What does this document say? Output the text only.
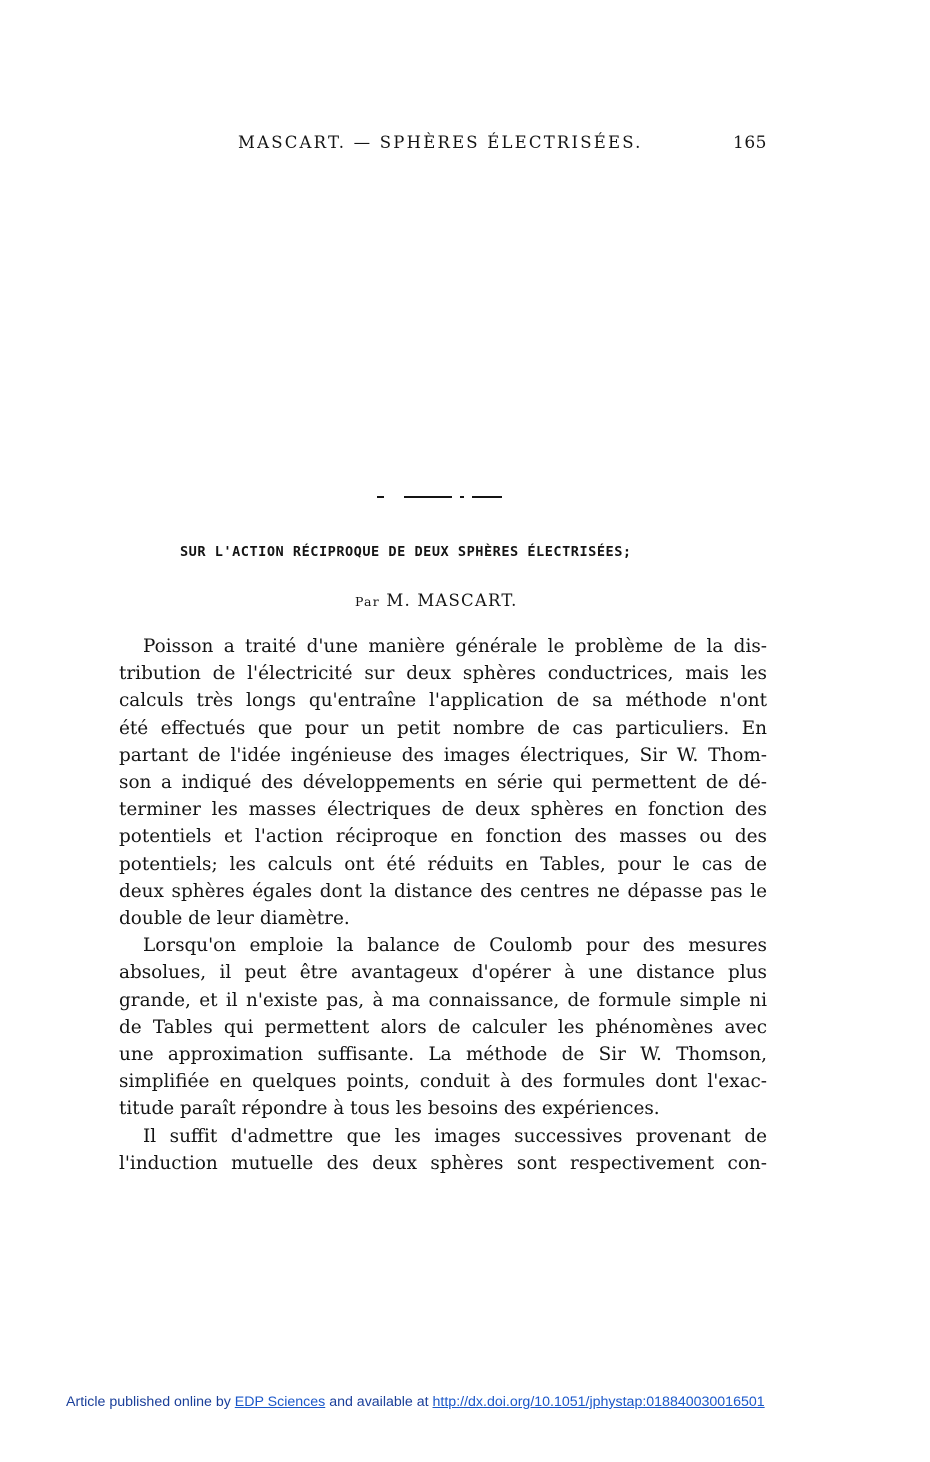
MASCART. — SPHÈRES ÉLECTRISÉES.	165
SUR L'ACTION RÉCIPROQUE DE DEUX SPHÈRES ÉLECTRISÉES;
Par M. MASCART.
Poisson a traité d'une manière générale le problème de la dis-
tribution de l'électricité sur deux sphères conductrices, mais les
calculs très longs qu'entraîne l'application de sa méthode n'ont
été effectués que pour un petit nombre de cas particuliers. En
partant de l'idée ingénieuse des images électriques, Sir W. Thom-
son a indiqué des développements en série qui permettent de dé-
terminer les masses électriques de deux sphères en fonction des
potentiels et l'action réciproque en fonction des masses ou des
potentiels; les calculs ont été réduits en Tables, pour le cas de
deux sphères égales dont la distance des centres ne dépasse pas le
double de leur diamètre.
Lorsqu'on emploie la balance de Coulomb pour des mesures
absolues, il peut être avantageux d'opérer à une distance plus
grande, et il n'existe pas, à ma connaissance, de formule simple ni
de Tables qui permettent alors de calculer les phénomènes avec
une approximation suffisante. La méthode de Sir W. Thomson,
simplifiée en quelques points, conduit à des formules dont l'exac-
titude paraît répondre à tous les besoins des expériences.
Il suffit d'admettre que les images successives provenant de
l'induction mutuelle des deux sphères sont respectivement con-
Article published online by EDP Sciences and available at http://dx.doi.org/10.1051/jphystap:018840030016501
